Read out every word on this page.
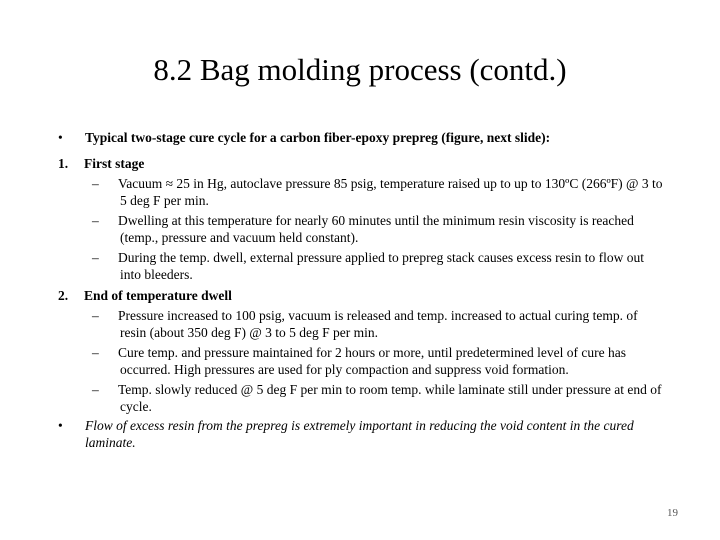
8.2 Bag molding process (contd.)
• Typical two-stage cure cycle for a carbon fiber-epoxy prepreg (figure, next slide):
1. First stage
–	Vacuum ≈ 25 in Hg, autoclave pressure 85 psig, temperature raised up to up to 130ºC (266ºF) @ 3 to 5 deg F per min.
–	Dwelling at this temperature for nearly 60 minutes until the minimum resin viscosity is reached (temp., pressure and vacuum held constant).
–	During the temp. dwell, external pressure applied to prepreg stack causes excess resin to flow out into bleeders.
2. End of temperature dwell
–	Pressure increased to 100 psig, vacuum is released and temp. increased to actual curing temp. of resin (about 350 deg F) @ 3 to 5 deg F per min.
–	Cure temp. and pressure maintained for 2 hours or more, until predetermined level of cure has occurred. High pressures are used for ply compaction and suppress void formation.
–	Temp. slowly reduced @ 5 deg F per min to room temp. while laminate still under pressure at end of cycle.
• Flow of excess resin from the prepreg is extremely important in reducing the void content in the cured laminate.
19
